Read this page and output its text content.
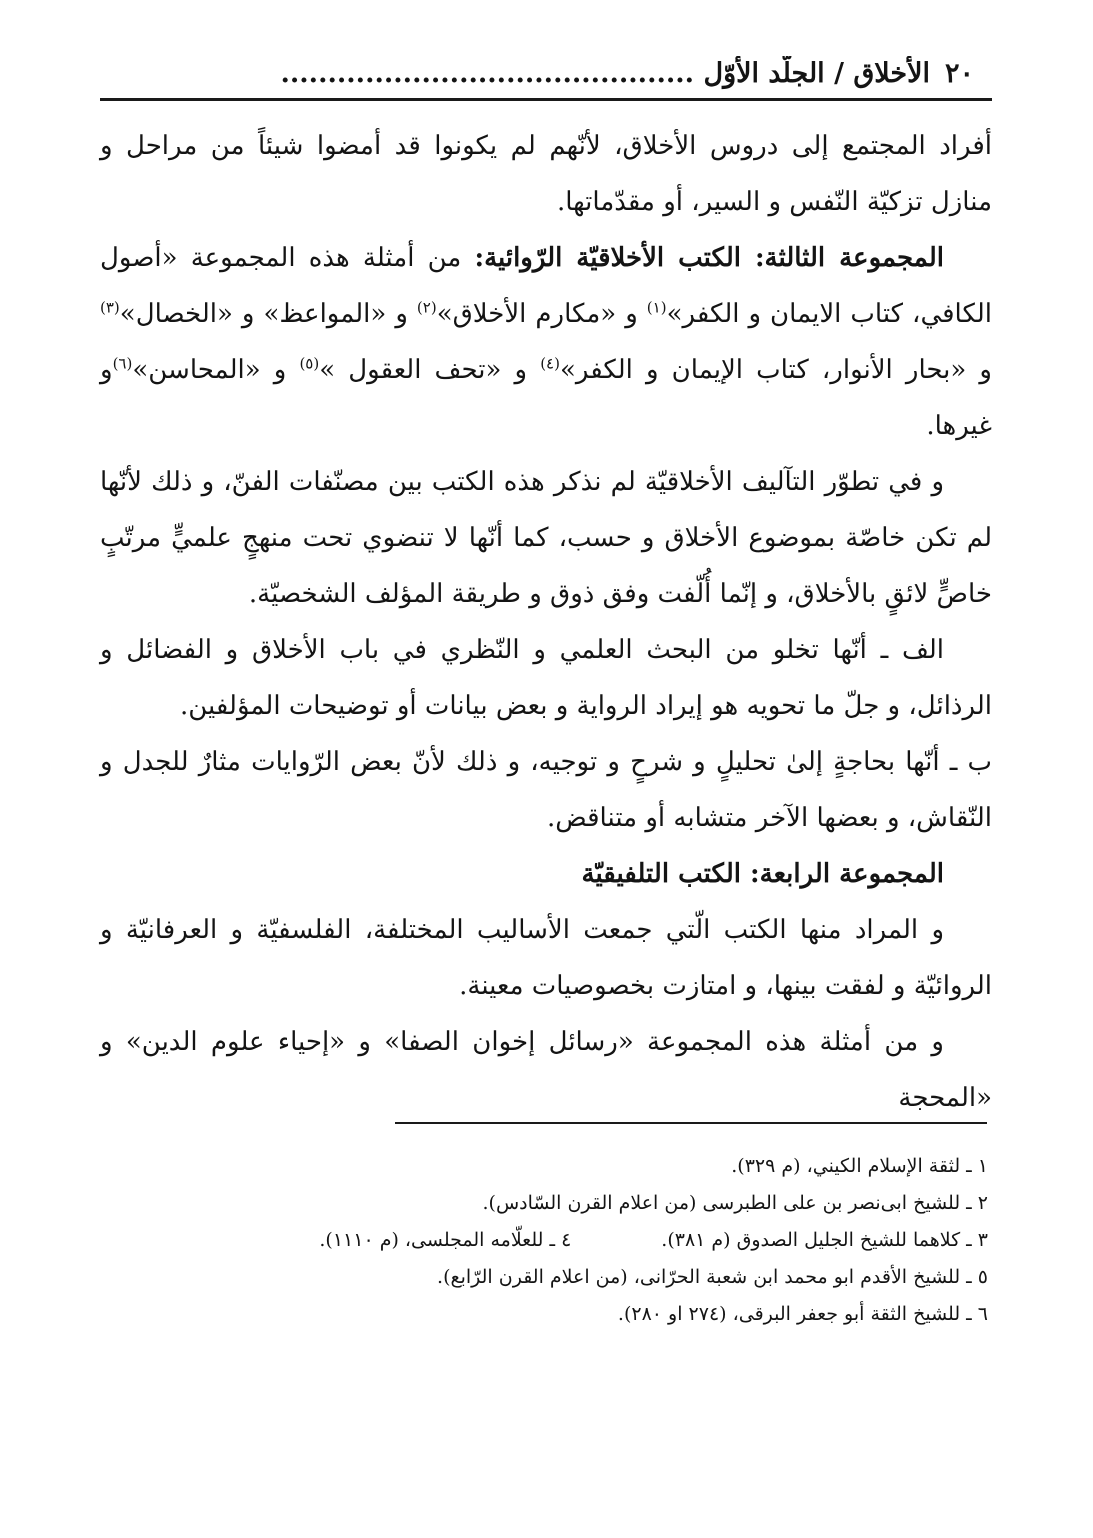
٢٠
الأخلاق / الجلّد الأوّل ............................................

أفراد المجتمع إلى دروس الأخلاق، لأنّهم لم يكونوا قد أمضوا شيئاً من مراحل و منازل تزكيّة النّفس و السير، أو مقدّماتها.

المجموعة الثالثة: الكتب الأخلاقيّة الرّوائية: من أمثلة هذه المجموعة «أصول الكافي، كتاب الايمان و الكفر»$^{(١)}$ و «مكارم الأخلاق»$^{(٢)}$ و «المواعظ» و «الخصال»$^{(٣)}$ و «بحار الأنوار، كتاب الإيمان و الكفر»$^{(٤)}$ و «تحف العقول »$^{(٥)}$ و «المحاسن»$^{(٦)}$و غيرها.

و في تطوّر التآليف الأخلاقيّة لم نذكر هذه الكتب بين مصنّفات الفنّ، و ذلك لأنّها لم تكن خاصّة بموضوع الأخلاق و حسب، كما أنّها لا تنضوي تحت منهجٍ علميٍّ مرتّبٍ خاصٍّ لائقٍ بالأخلاق، و إنّما أُلّفت وفق ذوق و طريقة المؤلف الشخصيّة.

الف ـ أنّها تخلو من البحث العلمي و النّظري في باب الأخلاق و الفضائل و الرذائل، و جلّ ما تحويه هو إيراد الرواية و بعض بيانات أو توضيحات المؤلفين.

ب ـ أنّها بحاجةٍ إلىٰ تحليلٍ و شرحٍ و توجيه، و ذلك لأنّ بعض الرّوايات مثارٌ للجدل و النّقاش، و بعضها الآخر متشابه أو متناقض.

المجموعة الرابعة: الكتب التلفيقيّة

و المراد منها الكتب الّتي جمعت الأساليب المختلفة، الفلسفيّة و العرفانيّة و الروائيّة و لفقت بينها، و امتازت بخصوصيات معينة.

و من أمثلة هذه المجموعة «رسائل إخوان الصفا» و «إحياء علوم الدين» و «المحجة

١ ـ لثقة الإسلام الكيني، (م ٣٢٩).

٢ ـ للشيخ ابى‌نصر بن على الطبرسى (من اعلام القرن السّادس).

٣ ـ كلاهما للشيخ الجليل الصدوق (م ٣٨١).٤ ـ للعلّامه المجلسى، (م ١١١٠).

٥ ـ للشيخ الأقدم ابو محمد ابن شعبة الحرّانى، (من اعلام القرن الرّابع).

٦ ـ للشيخ الثقة أبو جعفر البرقى، (٢٧٤ او ٢٨٠).
